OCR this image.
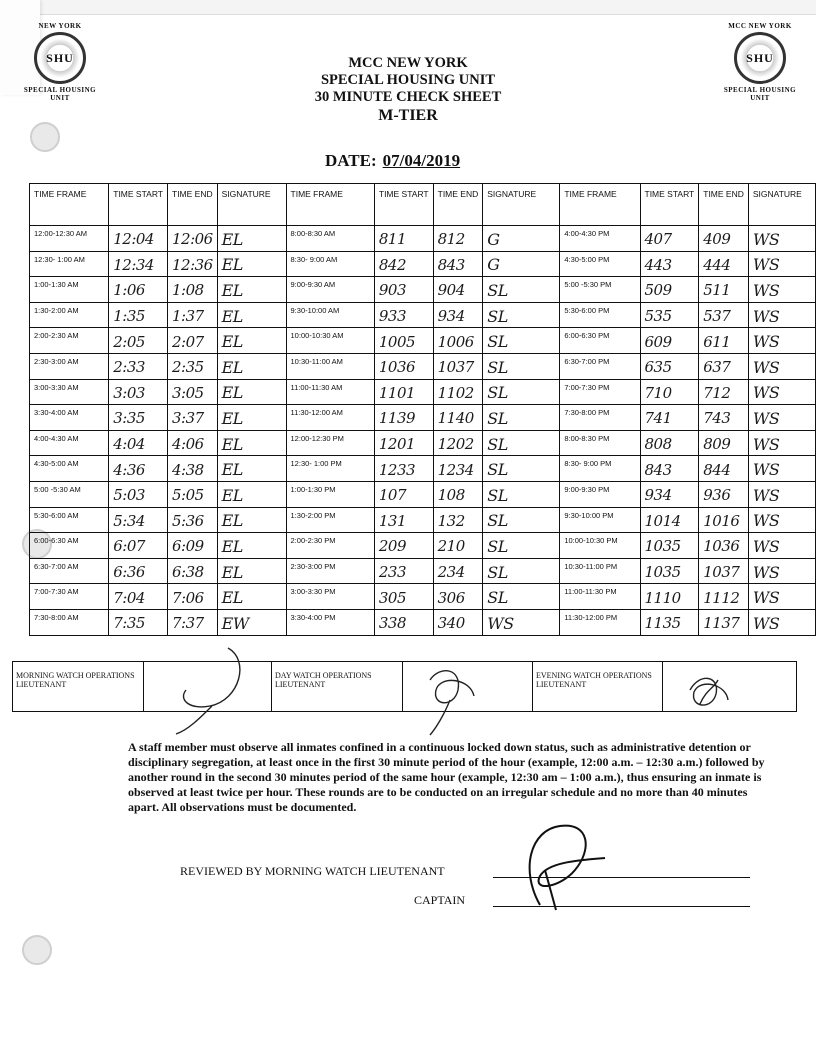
NEW YORK
SHU
SPECIAL HOUSING UNIT
MCC NEW YORK
SHU
SPECIAL HOUSING UNIT
MCC NEW YORK
SPECIAL HOUSING UNIT
30 MINUTE CHECK SHEET
M-TIER
DATE: 07/04/2019
TIME FRAME	TIME START	TIME END	SIGNATURE	TIME FRAME	TIME START	TIME END	SIGNATURE	TIME FRAME	TIME START	TIME END	SIGNATURE
12:00-12:30 AM	12:04	12:06	EL	8:00-8:30 AM	811	812	G	4:00-4:30 PM	407	409	WS
12:30- 1:00 AM	12:34	12:36	EL	8:30- 9:00 AM	842	843	G	4:30-5:00 PM	443	444	WS
1:00-1:30 AM	1:06	1:08	EL	9:00-9:30 AM	903	904	SL	5:00 -5:30 PM	509	511	WS
1:30-2:00 AM	1:35	1:37	EL	9:30-10:00 AM	933	934	SL	5:30-6:00 PM	535	537	WS
2:00-2:30 AM	2:05	2:07	EL	10:00-10:30 AM	1005	1006	SL	6:00-6:30 PM	609	611	WS
2:30-3:00 AM	2:33	2:35	EL	10:30-11:00 AM	1036	1037	SL	6:30-7:00 PM	635	637	WS
3:00-3:30 AM	3:03	3:05	EL	11:00-11:30 AM	1101	1102	SL	7:00-7:30 PM	710	712	WS
3:30-4:00 AM	3:35	3:37	EL	11:30-12:00 AM	1139	1140	SL	7:30-8:00 PM	741	743	WS
4:00-4:30 AM	4:04	4:06	EL	12:00-12:30 PM	1201	1202	SL	8:00-8:30 PM	808	809	WS
4:30-5:00 AM	4:36	4:38	EL	12:30- 1:00 PM	1233	1234	SL	8:30- 9:00 PM	843	844	WS
5:00 -5:30 AM	5:03	5:05	EL	1:00-1:30 PM	107	108	SL	9:00-9:30 PM	934	936	WS
5:30-6:00 AM	5:34	5:36	EL	1:30-2:00 PM	131	132	SL	9:30-10:00 PM	1014	1016	WS
6:00-6:30 AM	6:07	6:09	EL	2:00-2:30 PM	209	210	SL	10:00-10:30 PM	1035	1036	WS
6:30-7:00 AM	6:36	6:38	EL	2:30-3:00 PM	233	234	SL	10:30-11:00 PM	1035	1037	WS
7:00-7:30 AM	7:04	7:06	EL	3:00-3:30 PM	305	306	SL	11:00-11:30 PM	1110	1112	WS
7:30-8:00 AM	7:35	7:37	EW	3:30-4:00 PM	338	340	WS	11:30-12:00 PM	1135	1137	WS
MORNING WATCH OPERATIONS LIEUTENANT		DAY WATCH OPERATIONS LIEUTENANT		EVENING WATCH OPERATIONS LIEUTENANT	
A staff member must observe all inmates confined in a continuous locked down status, such as administrative detention or disciplinary segregation, at least once in the first 30 minute period of the hour (example, 12:00 a.m. – 12:30 a.m.) followed by another round in the second 30 minutes period of the same hour (example, 12:30 am – 1:00 a.m.), thus ensuring an inmate is observed at least twice per hour. These rounds are to be conducted on an irregular schedule and no more than 40 minutes apart. All observations must be documented.
REVIEWED BY MORNING WATCH LIEUTENANT
CAPTAIN
